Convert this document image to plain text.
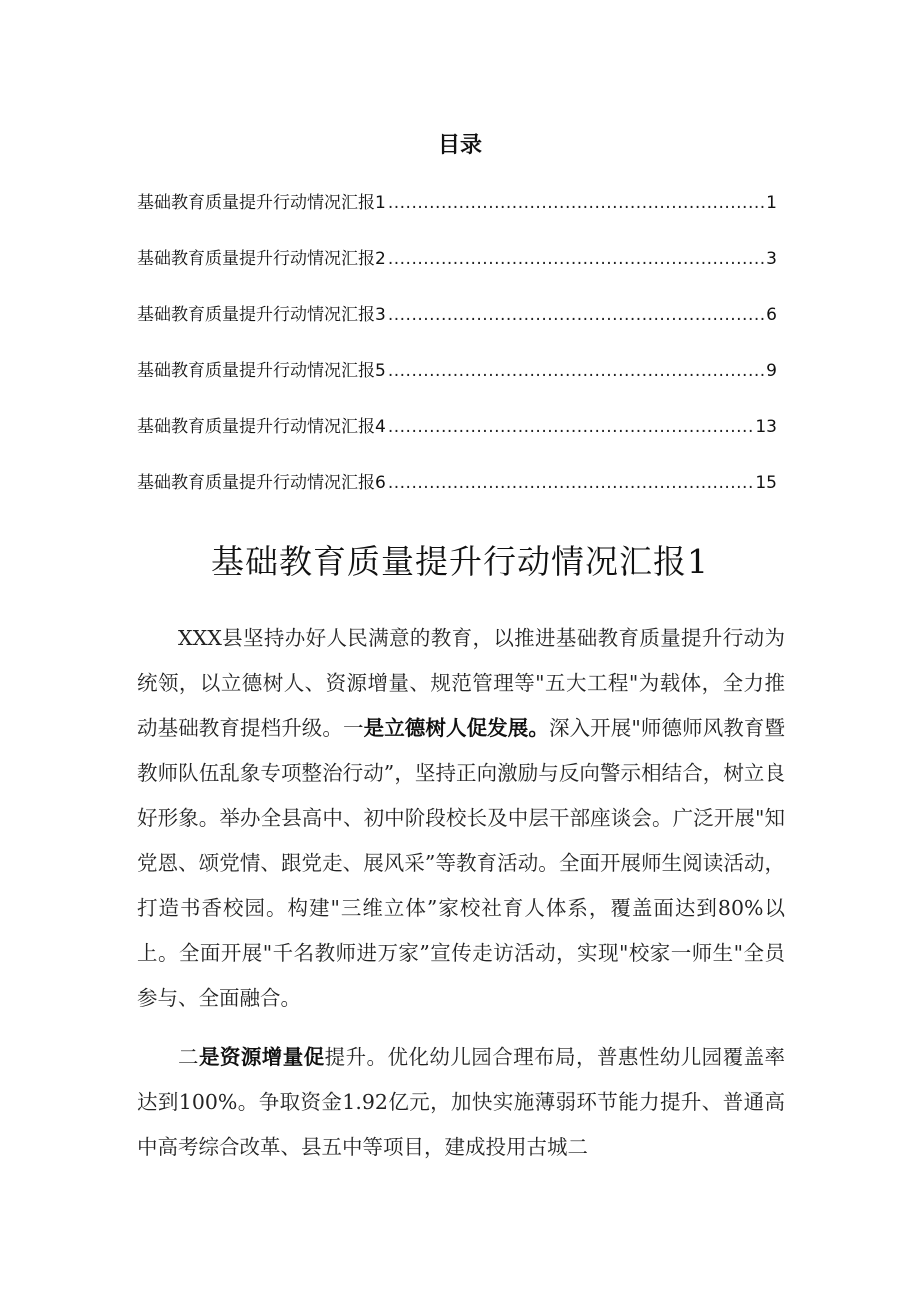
目录
基础教育质量提升行动情况汇报1 .....	1
基础教育质量提升行动情况汇报2 .....	3
基础教育质量提升行动情况汇报3 .....	6
基础教育质量提升行动情况汇报5 .....	9
基础教育质量提升行动情况汇报4 .....	13
基础教育质量提升行动情况汇报6 .....	15
基础教育质量提升行动情况汇报1

XXX县坚持办好人民满意的教育，以推进基础教育质量提升行动为统领，以立德树人、资源增量、规范管理等"五大工程"为载体，全力推动基础教育提档升级。一是立德树人促发展。深入开展"师德师风教育暨教师队伍乱象专项整治行动”，坚持正向激励与反向警示相结合，树立良好形象。举办全县高中、初中阶段校长及中层干部座谈会。广泛开展"知党恩、颂党情、跟党走、展风采”等教育活动。全面开展师生阅读活动，打造书香校园。构建"三维立体”家校社育人体系，覆盖面达到80%以上。全面开展"千名教师进万家”宣传走访活动，实现"校家一师生"全员参与、全面融合。

二是资源增量促提升。优化幼儿园合理布局，普惠性幼儿园覆盖率达到100%。争取资金1.92亿元，加快实施薄弱环节能力提升、普通高中高考综合改革、县五中等项目，建成投用古城二
